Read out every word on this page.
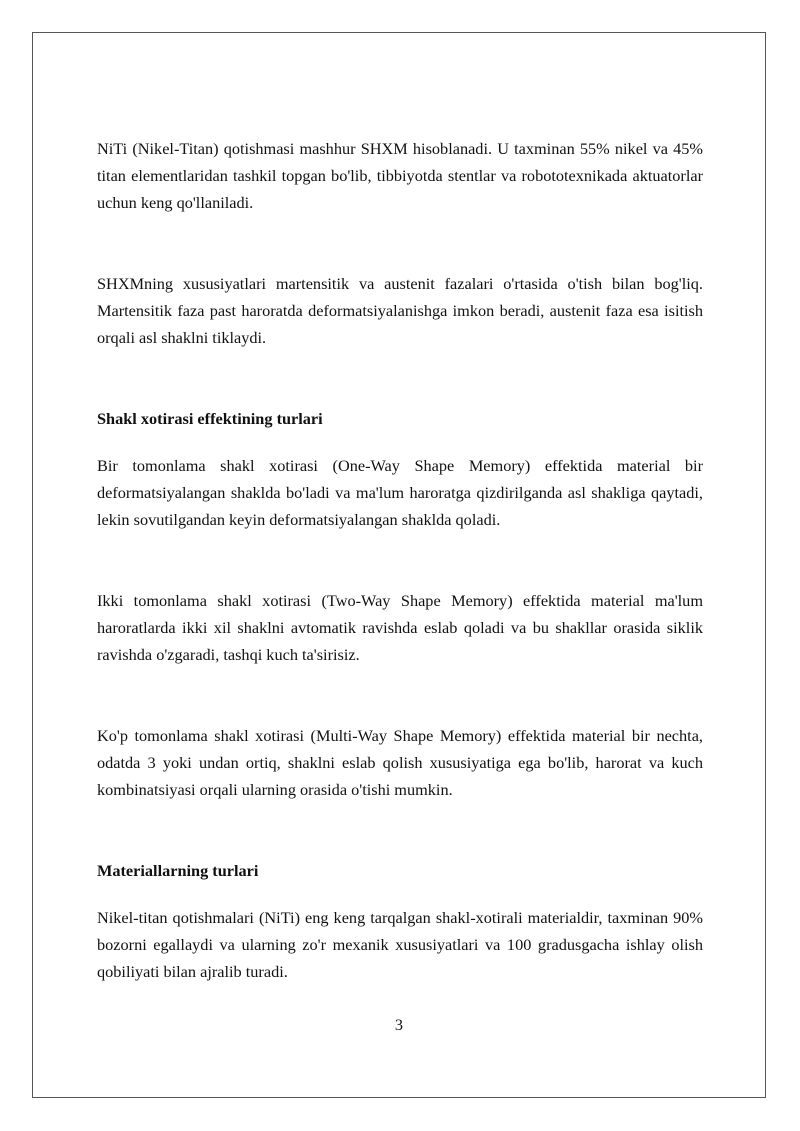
NiTi (Nikel-Titan) qotishmasi mashhur SHXM hisoblanadi. U taxminan 55% nikel va 45% titan elementlaridan tashkil topgan bo'lib, tibbiyotda stentlar va robototexnikada aktuatorlar uchun keng qo'llaniladi.

SHXMning xususiyatlari martensitik va austenit fazalari o'rtasida o'tish bilan bog'liq. Martensitik faza past haroratda deformatsiyalanishga imkon beradi, austenit faza esa isitish orqali asl shaklni tiklaydi.

Shakl xotirasi effektining turlari

Bir tomonlama shakl xotirasi (One-Way Shape Memory) effektida material bir deformatsiyalangan shaklda bo'ladi va ma'lum haroratga qizdirilganda asl shakliga qaytadi, lekin sovutilgandan keyin deformatsiyalangan shaklda qoladi.

Ikki tomonlama shakl xotirasi (Two-Way Shape Memory) effektida material ma'lum haroratlarda ikki xil shaklni avtomatik ravishda eslab qoladi va bu shakllar orasida siklik ravishda o'zgaradi, tashqi kuch ta'sirisiz.

Ko'p tomonlama shakl xotirasi (Multi-Way Shape Memory) effektida material bir nechta, odatda 3 yoki undan ortiq, shaklni eslab qolish xususiyatiga ega bo'lib, harorat va kuch kombinatsiyasi orqali ularning orasida o'tishi mumkin.

Materiallarning turlari

Nikel-titan qotishmalari (NiTi) eng keng tarqalgan shakl-xotirali materialdir, taxminan 90% bozorni egallaydi va ularning zo'r mexanik xususiyatlari va 100 gradusgacha ishlay olish qobiliyati bilan ajralib turadi.

3
